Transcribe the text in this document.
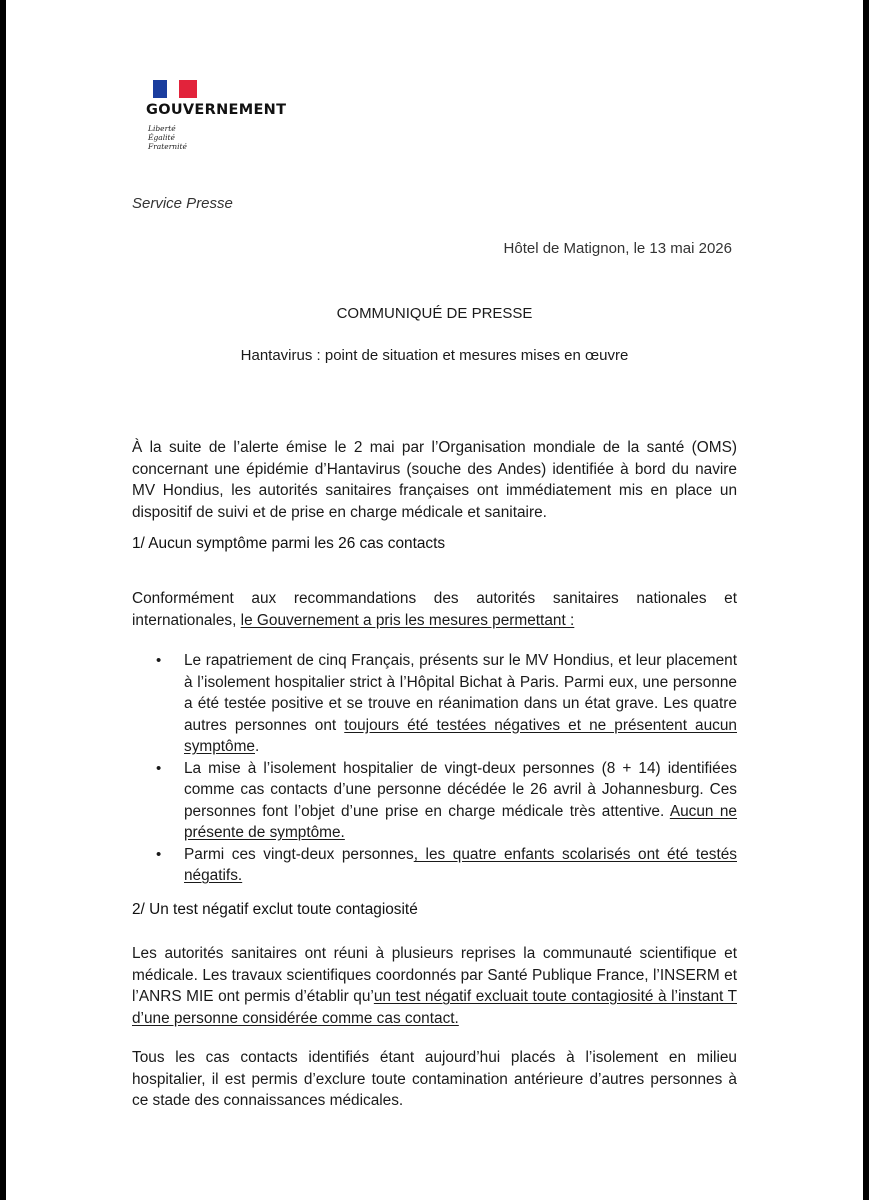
GOUVERNEMENT
Liberté
Égalité
Fraternité
Service Presse
Hôtel de Matignon, le 13 mai 2026
COMMUNIQUÉ DE PRESSE
Hantavirus : point de situation et mesures mises en œuvre

À la suite de l’alerte émise le 2 mai par l’Organisation mondiale de la santé (OMS) concernant une épidémie d’Hantavirus (souche des Andes) identifiée à bord du navire MV Hondius, les autorités sanitaires françaises ont immédiatement mis en place un dispositif de suivi et de prise en charge médicale et sanitaire.

1/ Aucun symptôme parmi les 26 cas contacts

Conformément aux recommandations des autorités sanitaires nationales et internationales, le Gouvernement a pris les mesures permettant :

• Le rapatriement de cinq Français, présents sur le MV Hondius, et leur placement à l’isolement hospitalier strict à l’Hôpital Bichat à Paris. Parmi eux, une personne a été testée positive et se trouve en réanimation dans un état grave. Les quatre autres personnes ont toujours été testées négatives et ne présentent aucun symptôme.
• La mise à l’isolement hospitalier de vingt-deux personnes (8 + 14) identifiées comme cas contacts d’une personne décédée le 26 avril à Johannesburg. Ces personnes font l’objet d’une prise en charge médicale très attentive. Aucun ne présente de symptôme.
• Parmi ces vingt-deux personnes, les quatre enfants scolarisés ont été testés négatifs.
2/ Un test négatif exclut toute contagiosité

Les autorités sanitaires ont réuni à plusieurs reprises la communauté scientifique et médicale. Les travaux scientifiques coordonnés par Santé Publique France, l’INSERM et l’ANRS MIE ont permis d’établir qu’un test négatif excluait toute contagiosité à l’instant T d’une personne considérée comme cas contact.

Tous les cas contacts identifiés étant aujourd’hui placés à l’isolement en milieu hospitalier, il est permis d’exclure toute contamination antérieure d’autres personnes à ce stade des connaissances médicales.
